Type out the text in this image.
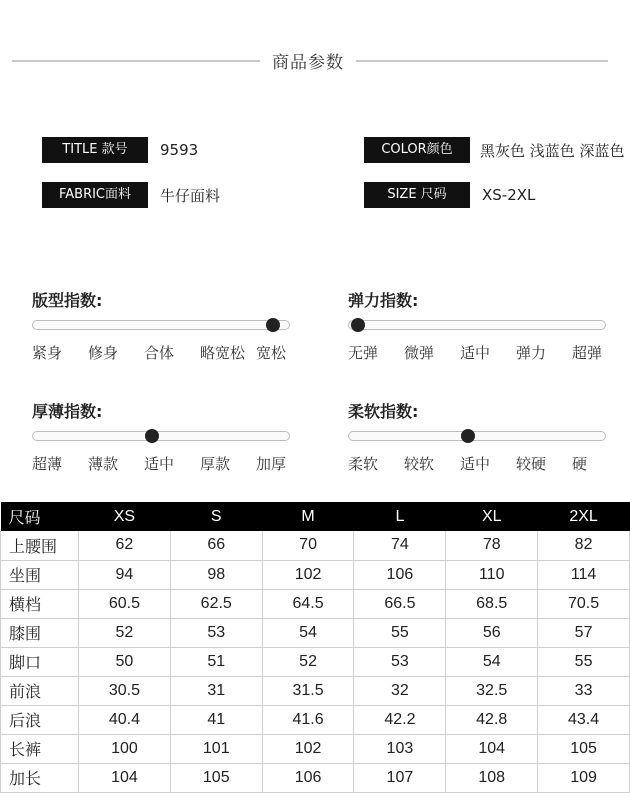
商品参数
TITLE 款号	9593	COLOR颜色	黑灰色 浅蓝色 深蓝色
FABRIC面料	牛仔面料	SIZE 尺码	XS-2XL
版型指数:
紧身 修身 合体 略宽松 宽松
弹力指数:
无弹 微弹 适中 弹力 超弹
厚薄指数:
超薄 薄款 适中 厚款 加厚
柔软指数:
柔软 较软 适中 较硬 硬
尺码	XS	S	M	L	XL	2XL
上腰围	62	66	70	74	78	82
坐围	94	98	102	106	110	114
横档	60.5	62.5	64.5	66.5	68.5	70.5
膝围	52	53	54	55	56	57
脚口	50	51	52	53	54	55
前浪	30.5	31	31.5	32	32.5	33
后浪	40.4	41	41.6	42.2	42.8	43.4
长裤	100	101	102	103	104	105
加长	104	105	106	107	108	109
